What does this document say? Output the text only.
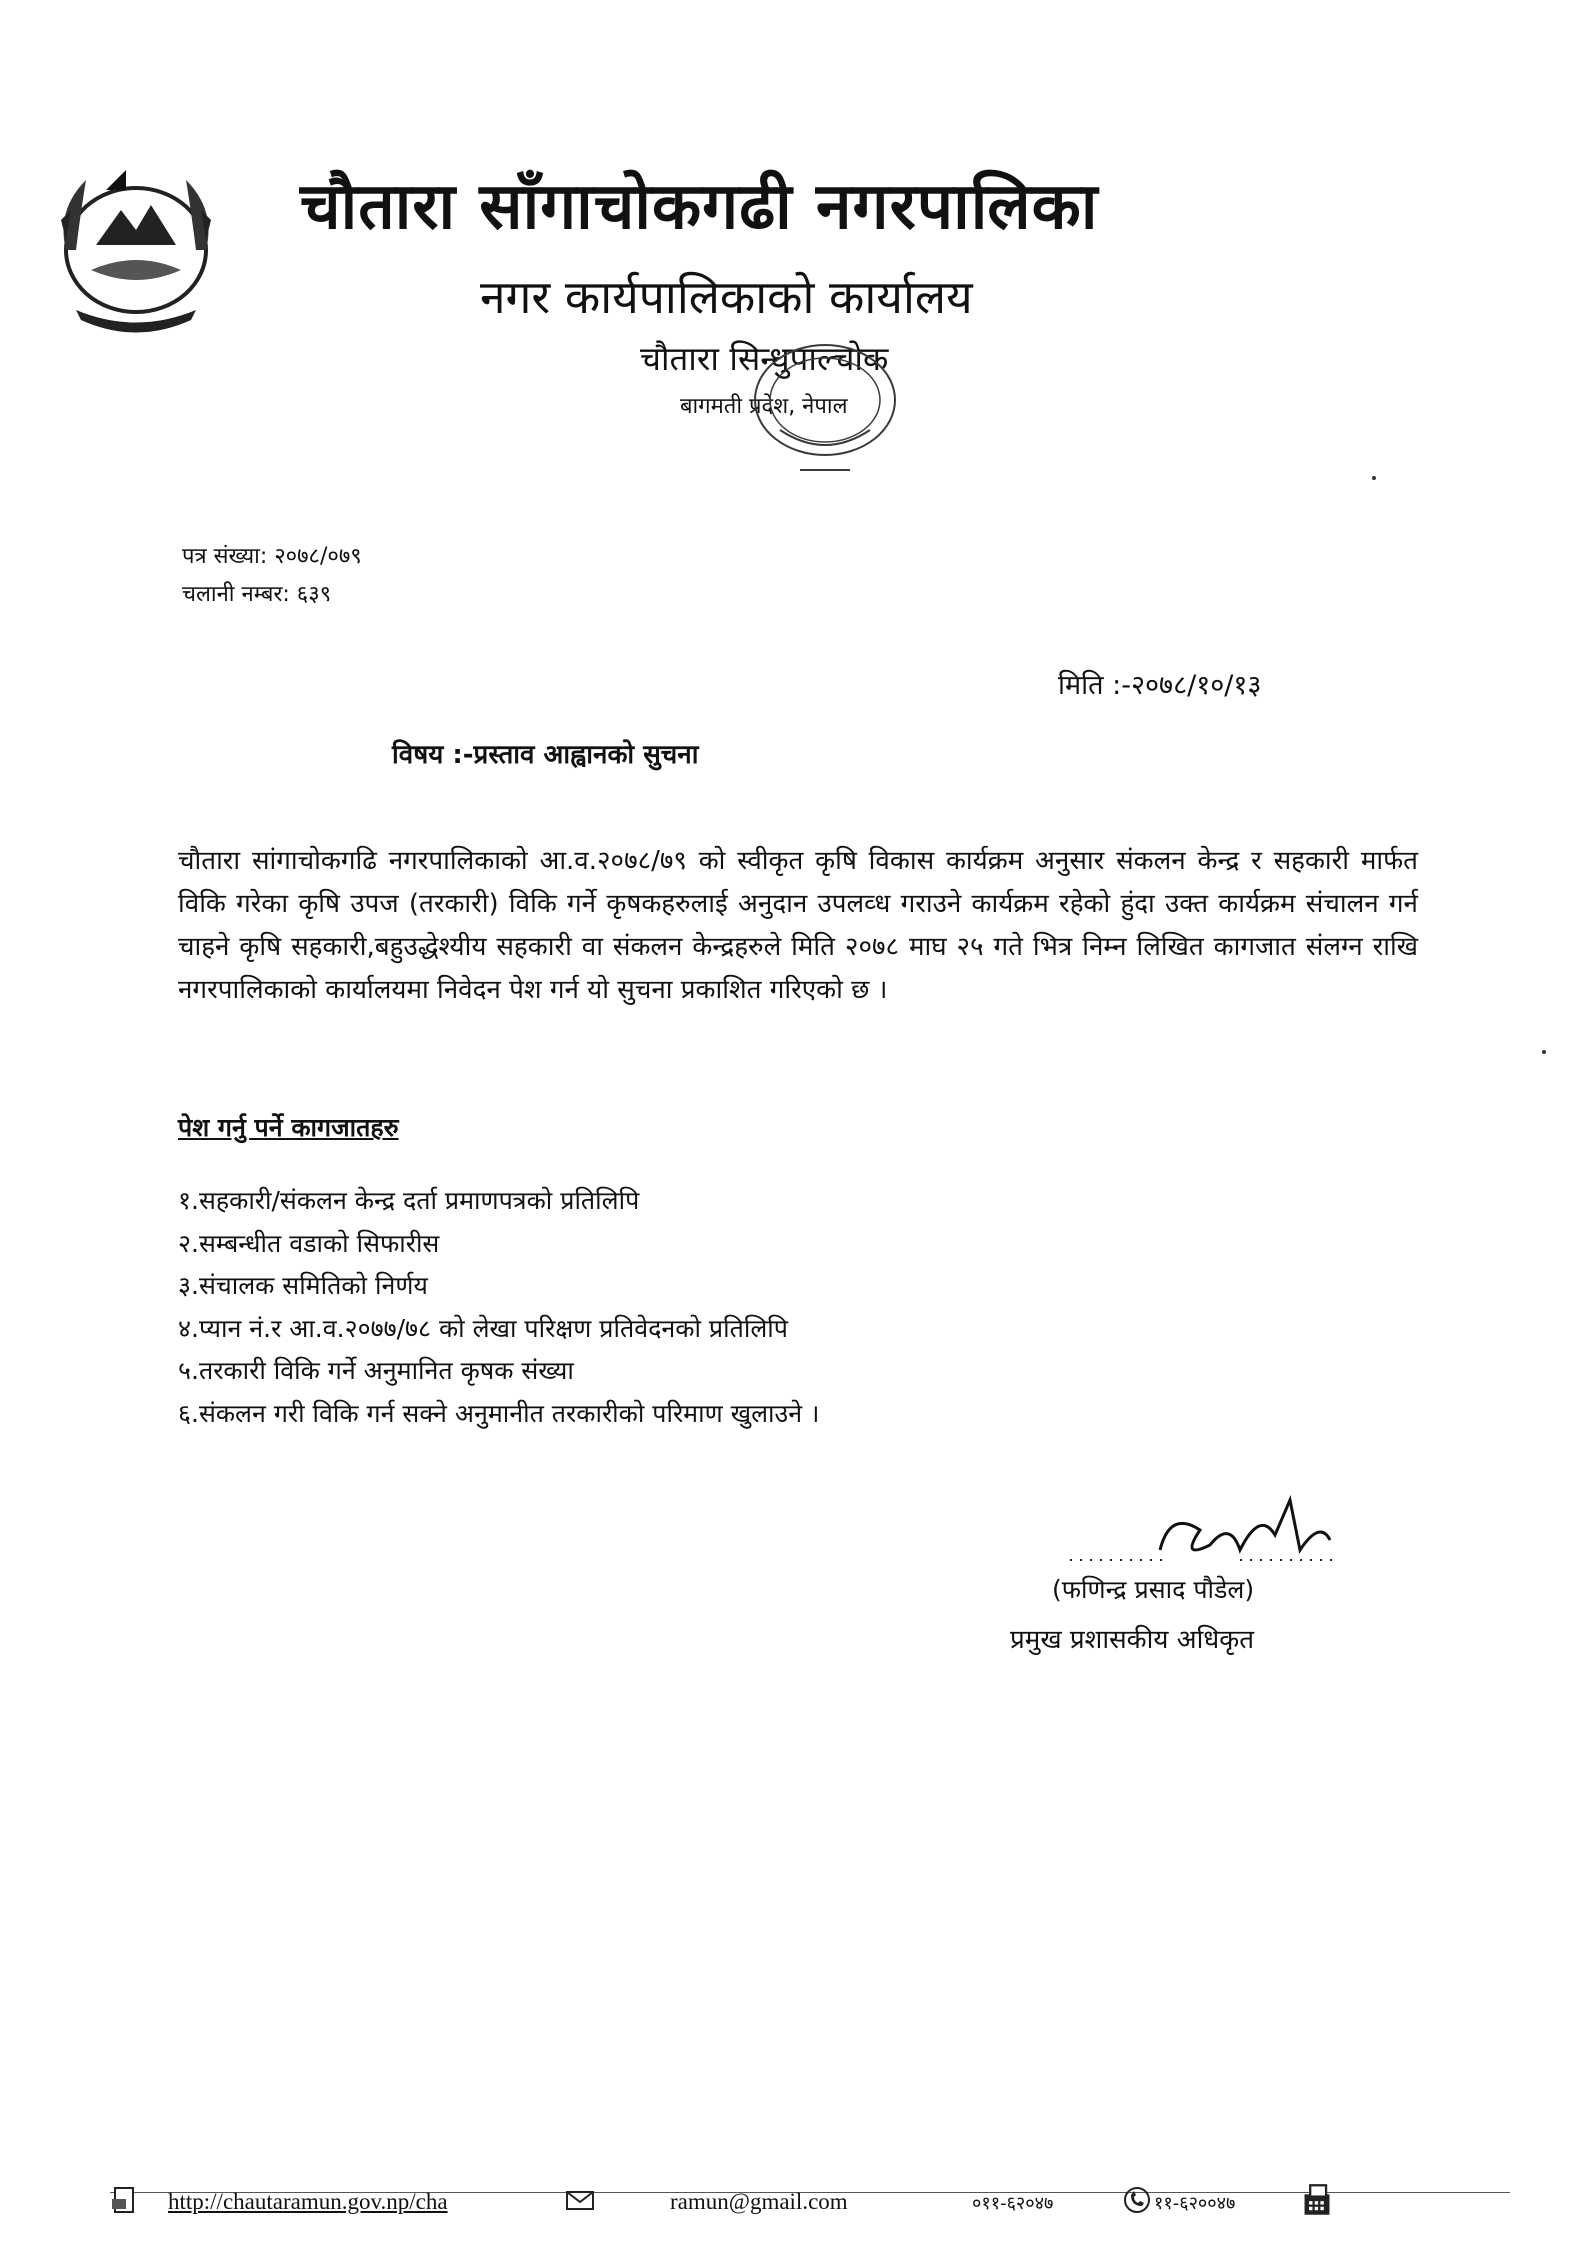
चौतारा साँगाचोकगढी नगरपालिका
नगर कार्यपालिकाको कार्यालय
चौतारा सिन्धुपाल्चोक
बागमती प्रदेश, नेपाल
पत्र संख्या: २०७८/०७९
चलानी नम्बर: ६३९
मिति :-२०७८/१०/१३
विषय :-प्रस्ताव आह्वानको सुचना
चौतारा सांगाचोकगढि नगरपालिकाको आ.व.२०७८/७९ को स्वीकृत कृषि विकास कार्यक्रम अनुसार संकलन केन्द्र र सहकारी मार्फत विकि गरेका कृषि उपज (तरकारी) विकि गर्ने कृषकहरुलाई अनुदान उपलव्ध गराउने कार्यक्रम रहेको हुंदा उक्त कार्यक्रम संचालन गर्न चाहने कृषि सहकारी,बहुउद्धेश्यीय सहकारी वा संकलन केन्द्रहरुले मिति २०७८ माघ २५ गते भित्र निम्न लिखित कागजात संलग्न राखि नगरपालिकाको कार्यालयमा निवेदन पेश गर्न यो सुचना प्रकाशित गरिएको छ ।
पेश गर्नु पर्ने कागजातहरु
१.सहकारी/संकलन केन्द्र दर्ता प्रमाणपत्रको प्रतिलिपि
२.सम्बन्धीत वडाको सिफारीस
३.संचालक समितिको निर्णय
४.प्यान नं.र आ.व.२०७७/७८ को लेखा परिक्षण प्रतिवेदनको प्रतिलिपि
५.तरकारी विकि गर्ने अनुमानित कृषक संख्या
६.संकलन गरी विकि गर्न सक्ने अनुमानीत तरकारीको परिमाण खुलाउने ।
(फणिन्द्र प्रसाद पौडेल)
प्रमुख प्रशासकीय अधिकृत
http://chautaramun.gov.np/cha	ramun@gmail.com	०११-६२०४७	११-६२००४७
